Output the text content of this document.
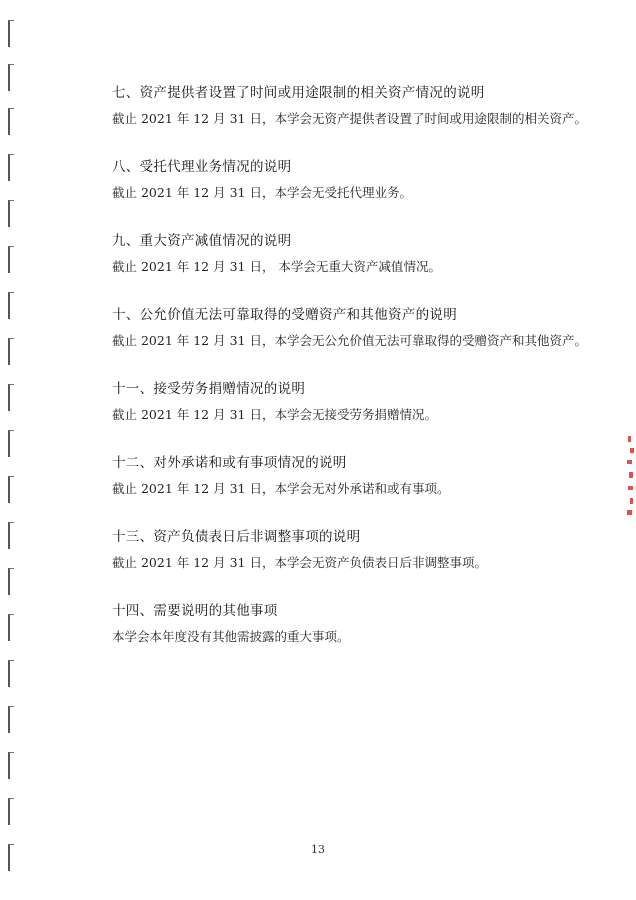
七、资产提供者设置了时间或用途限制的相关资产情况的说明
截止 2021 年 12 月 31 日，本学会无资产提供者设置了时间或用途限制的相关资产。
八、受托代理业务情况的说明
截止 2021 年 12 月 31 日，本学会无受托代理业务。
九、重大资产减值情况的说明
截止 2021 年 12 月 31 日， 本学会无重大资产减值情况。
十、公允价值无法可靠取得的受赠资产和其他资产的说明
截止 2021 年 12 月 31 日，本学会无公允价值无法可靠取得的受赠资产和其他资产。
十一、接受劳务捐赠情况的说明
截止 2021 年 12 月 31 日，本学会无接受劳务捐赠情况。
十二、对外承诺和或有事项情况的说明
截止 2021 年 12 月 31 日，本学会无对外承诺和或有事项。
十三、资产负债表日后非调整事项的说明
截止 2021 年 12 月 31 日，本学会无资产负债表日后非调整事项。
十四、需要说明的其他事项
本学会本年度没有其他需披露的重大事项。
13
